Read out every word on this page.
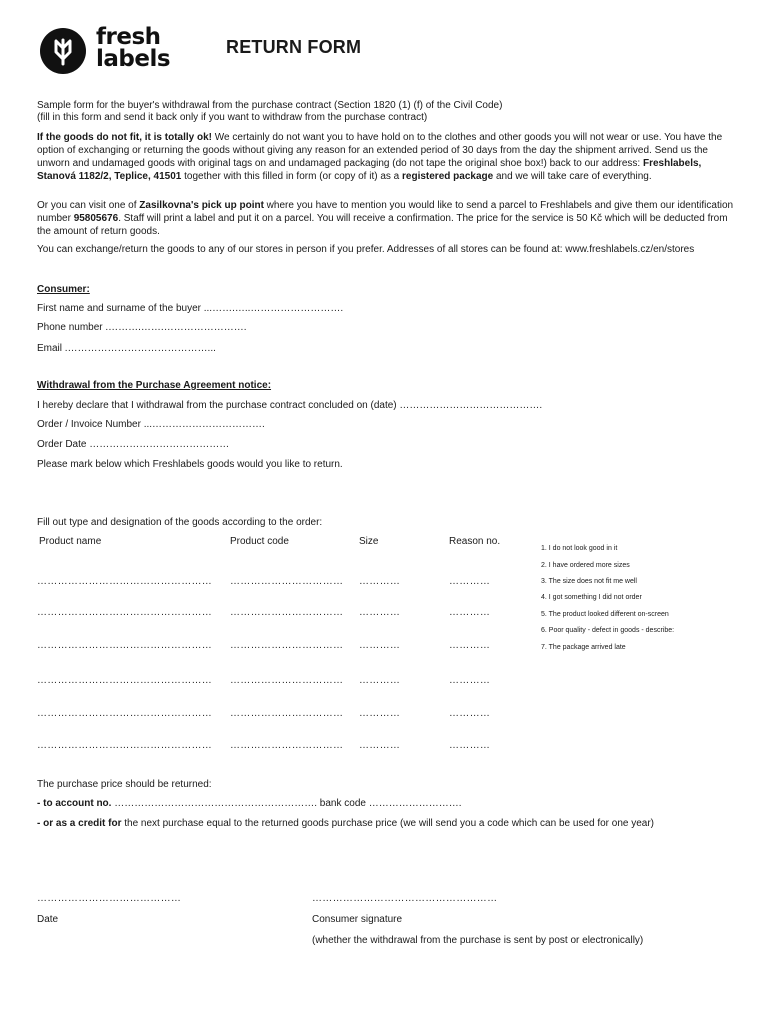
fresh
labels	RETURN FORM
Sample form for the buyer's withdrawal from the purchase contract (Section 1820 (1) (f) of the Civil Code)
(fill in this form and send it back only if you want to withdraw from the purchase contract)
If the goods do not fit, it is totally ok! We certainly do not want you to have hold on to the clothes and other goods you will not wear or use. You have the option of exchanging or returning the goods without giving any reason for an extended period of 30 days from the day the shipment arrived. Send us the unworn and undamaged goods with original tags on and undamaged packaging (do not tape the original shoe box!) back to our address: Freshlabels, Stanová 1182/2, Teplice, 41501 together with this filled in form (or copy of it) as a registered package and we will take care of everything.
Or you can visit one of Zasilkovna's pick up point where you have to mention you would like to send a parcel to Freshlabels and give them our identification number 95805676. Staff will print a label and put it on a parcel. You will receive a confirmation. The price for the service is 50 Kč which will be deducted from the amount of return goods.
You can exchange/return the goods to any of our stores in person if you prefer. Addresses of all stores can be found at: www.freshlabels.cz/en/stores
Consumer:
First name and surname of the buyer ...…….…..……………………….
Phone number .……….…….…………………….
Email .……………………………………...
Withdrawal from the Purchase Agreement notice:
I hereby declare that I withdrawal from the purchase contract concluded on (date) …………………………………….
Order / Invoice Number ...…………………………….
Order Date ……………………………………
Please mark below which Freshlabels goods would you like to return.
Fill out type and designation of the goods according to the order:
Product name	Product code	Size	Reason no.
…………………………………………… …………………………… …………	…………
…………………………………………… …………………………… …………	…………
…………………………………………… …………………………… …………	…………
…………………………………………… …………………………… …………	…………
…………………………………………… …………………………… …………	…………
…………………………………………… …………………………… …………	…………
1. I do not look good in it
2. I have ordered more sizes
3. The size does not fit me well
4. I got something I did not order
5. The product looked different on-screen
6. Poor quality - defect in goods - describe:
7. The package arrived late
The purchase price should be returned:
- to account no. ……………………………………………………. bank code ……………………….
- or as a credit for the next purchase equal to the returned goods purchase price (we will send you a code which can be used for one year)
……………………………………	………………………………………………
Date	Consumer signature
(whether the withdrawal from the purchase is sent by post or electronically)
